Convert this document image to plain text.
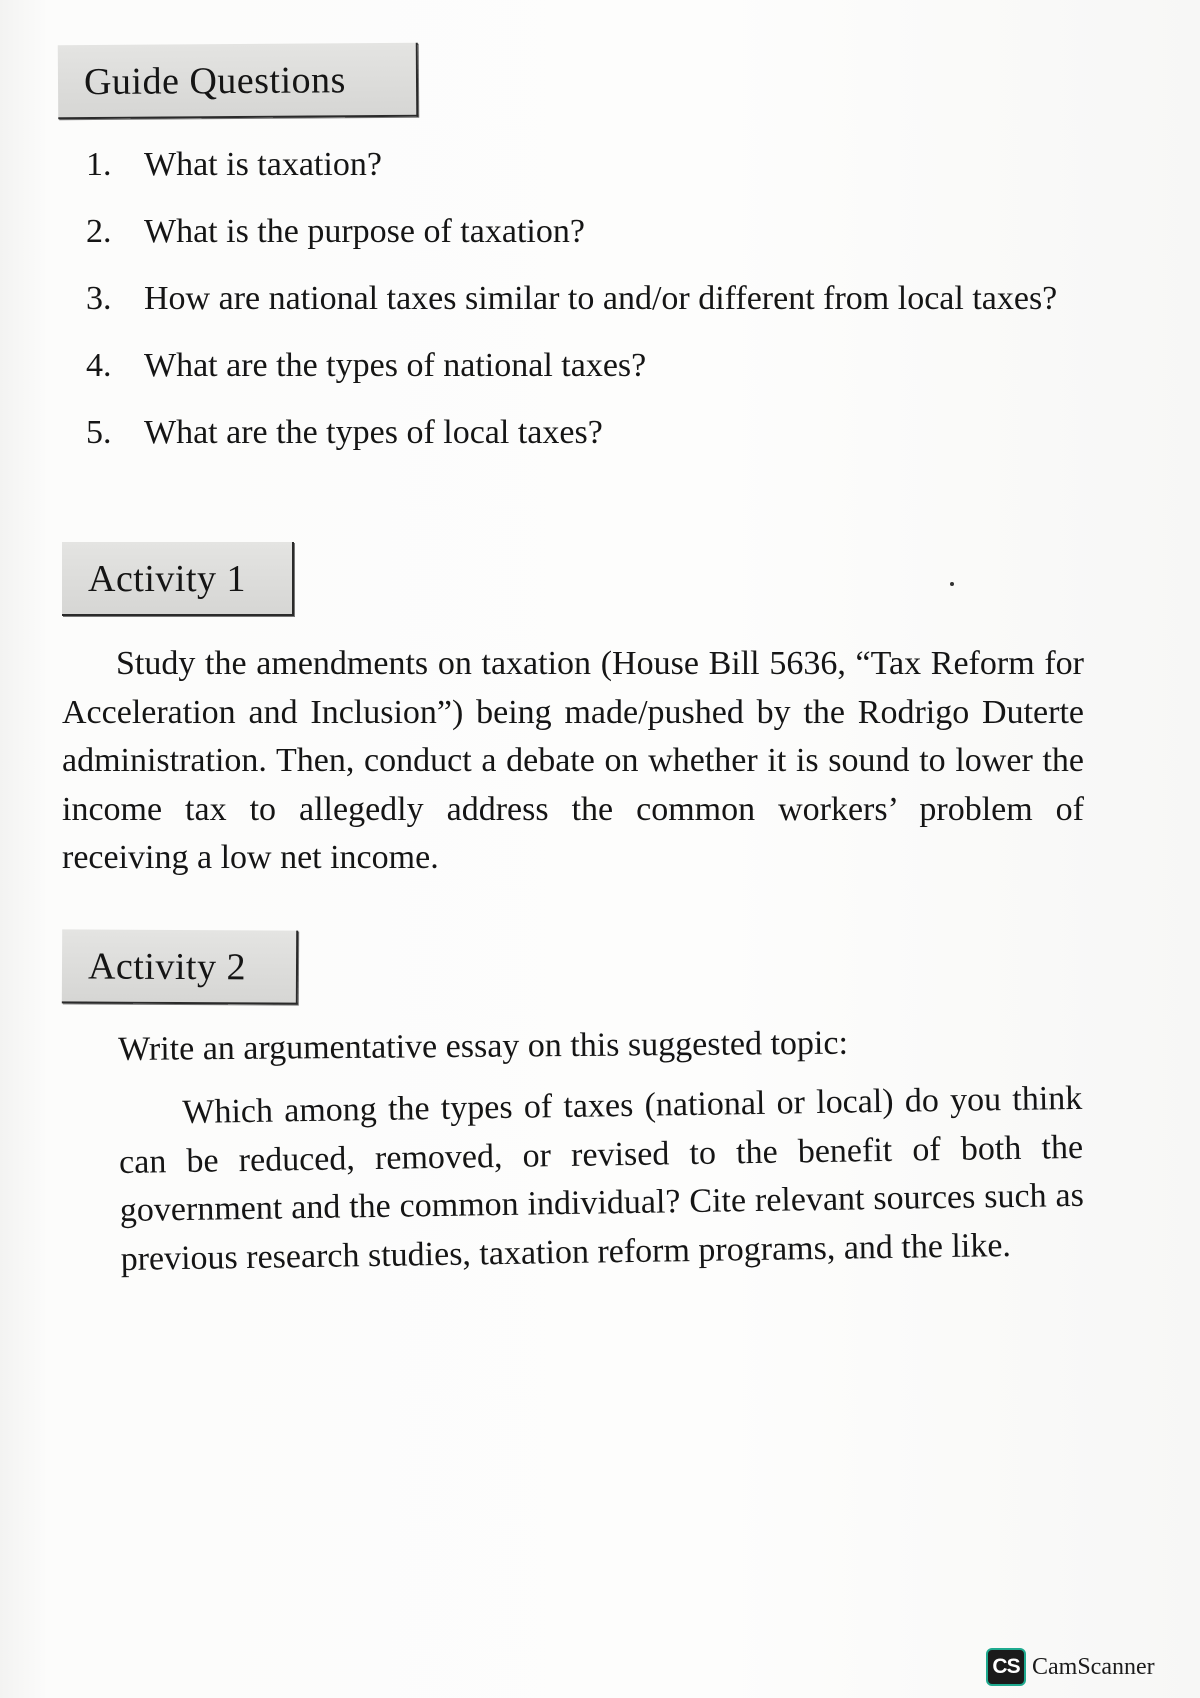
Guide Questions
1. What is taxation?
2. What is the purpose of taxation?
3. How are national taxes similar to and/or different from local taxes?
4. What are the types of national taxes?
5. What are the types of local taxes?
Activity 1

Study the amendments on taxation (House Bill 5636, “Tax Reform for Acceleration and Inclusion”) being made/pushed by the Rodrigo Duterte administration. Then, conduct a debate on whether it is sound to lower the income tax to allegedly address the common workers’ problem of receiving a low net income.

Activity 2

Write an argumentative essay on this suggested topic:

Which among the types of taxes (national or local) do you think can be reduced, removed, or revised to the benefit of both the government and the common individual? Cite relevant sources such as previous research studies, taxation reform programs, and the like.

CS CamScanner
